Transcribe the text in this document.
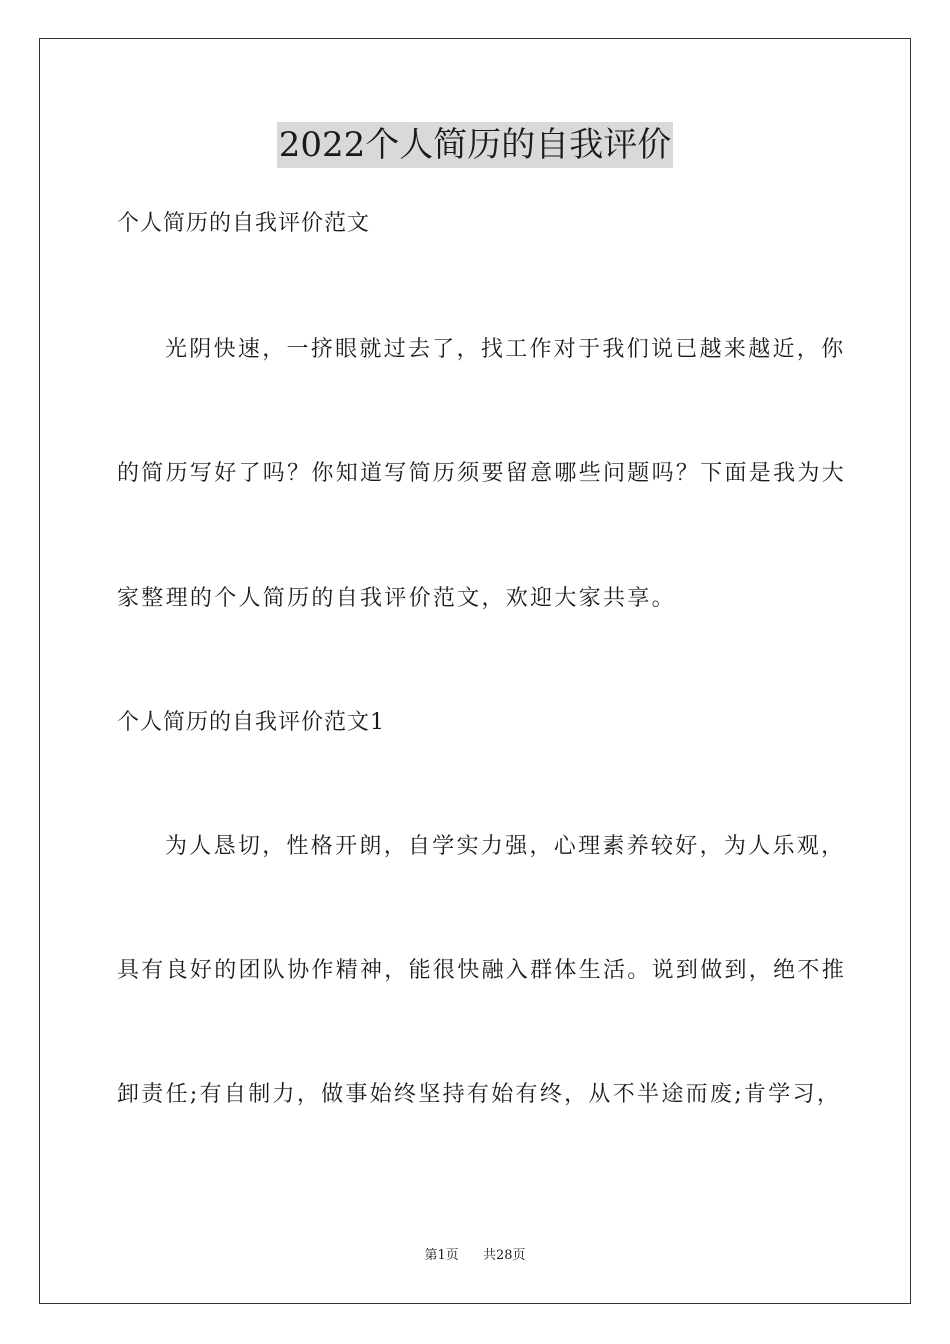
2022个人简历的自我评价
个人简历的自我评价范文
光阴快速，一挤眼就过去了，找工作对于我们说已越来越近，你
的简历写好了吗？你知道写简历须要留意哪些问题吗？下面是我为大
家整理的个人简历的自我评价范文，欢迎大家共享。
个人简历的自我评价范文1
为人恳切，性格开朗，自学实力强，心理素养较好，为人乐观，
具有良好的团队协作精神，能很快融入群体生活。说到做到，绝不推
卸责任;有自制力，做事始终坚持有始有终，从不半途而废;肯学习，
第1页 共28页
